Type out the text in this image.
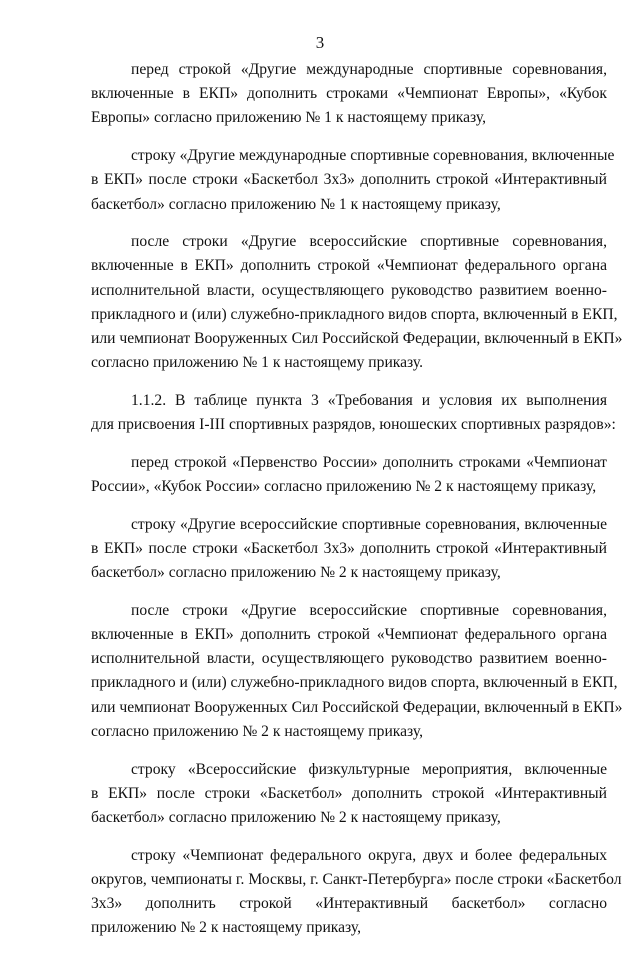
3
перед строкой «Другие международные спортивные соревнования,
включенные в ЕКП» дополнить строками «Чемпионат Европы», «Кубок
Европы» согласно приложению № 1 к настоящему приказу,
строку «Другие международные спортивные соревнования, включенные
в ЕКП» после строки «Баскетбол 3х3» дополнить строкой «Интерактивный
баскетбол» согласно приложению № 1 к настоящему приказу,
после строки «Другие всероссийские спортивные соревнования,
включенные в ЕКП» дополнить строкой «Чемпионат федерального органа
исполнительной власти, осуществляющего руководство развитием военно-
прикладного и (или) служебно-прикладного видов спорта, включенный в ЕКП,
или чемпионат Вооруженных Сил Российской Федерации, включенный в ЕКП»
согласно приложению № 1 к настоящему приказу.
1.1.2. В таблице пункта 3 «Требования и условия их выполнения
для присвоения I-III спортивных разрядов, юношеских спортивных разрядов»:
перед строкой «Первенство России» дополнить строками «Чемпионат
России», «Кубок России» согласно приложению № 2 к настоящему приказу,
строку «Другие всероссийские спортивные соревнования, включенные
в ЕКП» после строки «Баскетбол 3х3» дополнить строкой «Интерактивный
баскетбол» согласно приложению № 2 к настоящему приказу,
после строки «Другие всероссийские спортивные соревнования,
включенные в ЕКП» дополнить строкой «Чемпионат федерального органа
исполнительной власти, осуществляющего руководство развитием военно-
прикладного и (или) служебно-прикладного видов спорта, включенный в ЕКП,
или чемпионат Вооруженных Сил Российской Федерации, включенный в ЕКП»
согласно приложению № 2 к настоящему приказу,
строку «Всероссийские физкультурные мероприятия, включенные
в ЕКП» после строки «Баскетбол» дополнить строкой «Интерактивный
баскетбол» согласно приложению № 2 к настоящему приказу,
строку «Чемпионат федерального округа, двух и более федеральных
округов, чемпионаты г. Москвы, г. Санкт-Петербурга» после строки «Баскетбол
3х3» дополнить строкой «Интерактивный баскетбол» согласно
приложению № 2 к настоящему приказу,
